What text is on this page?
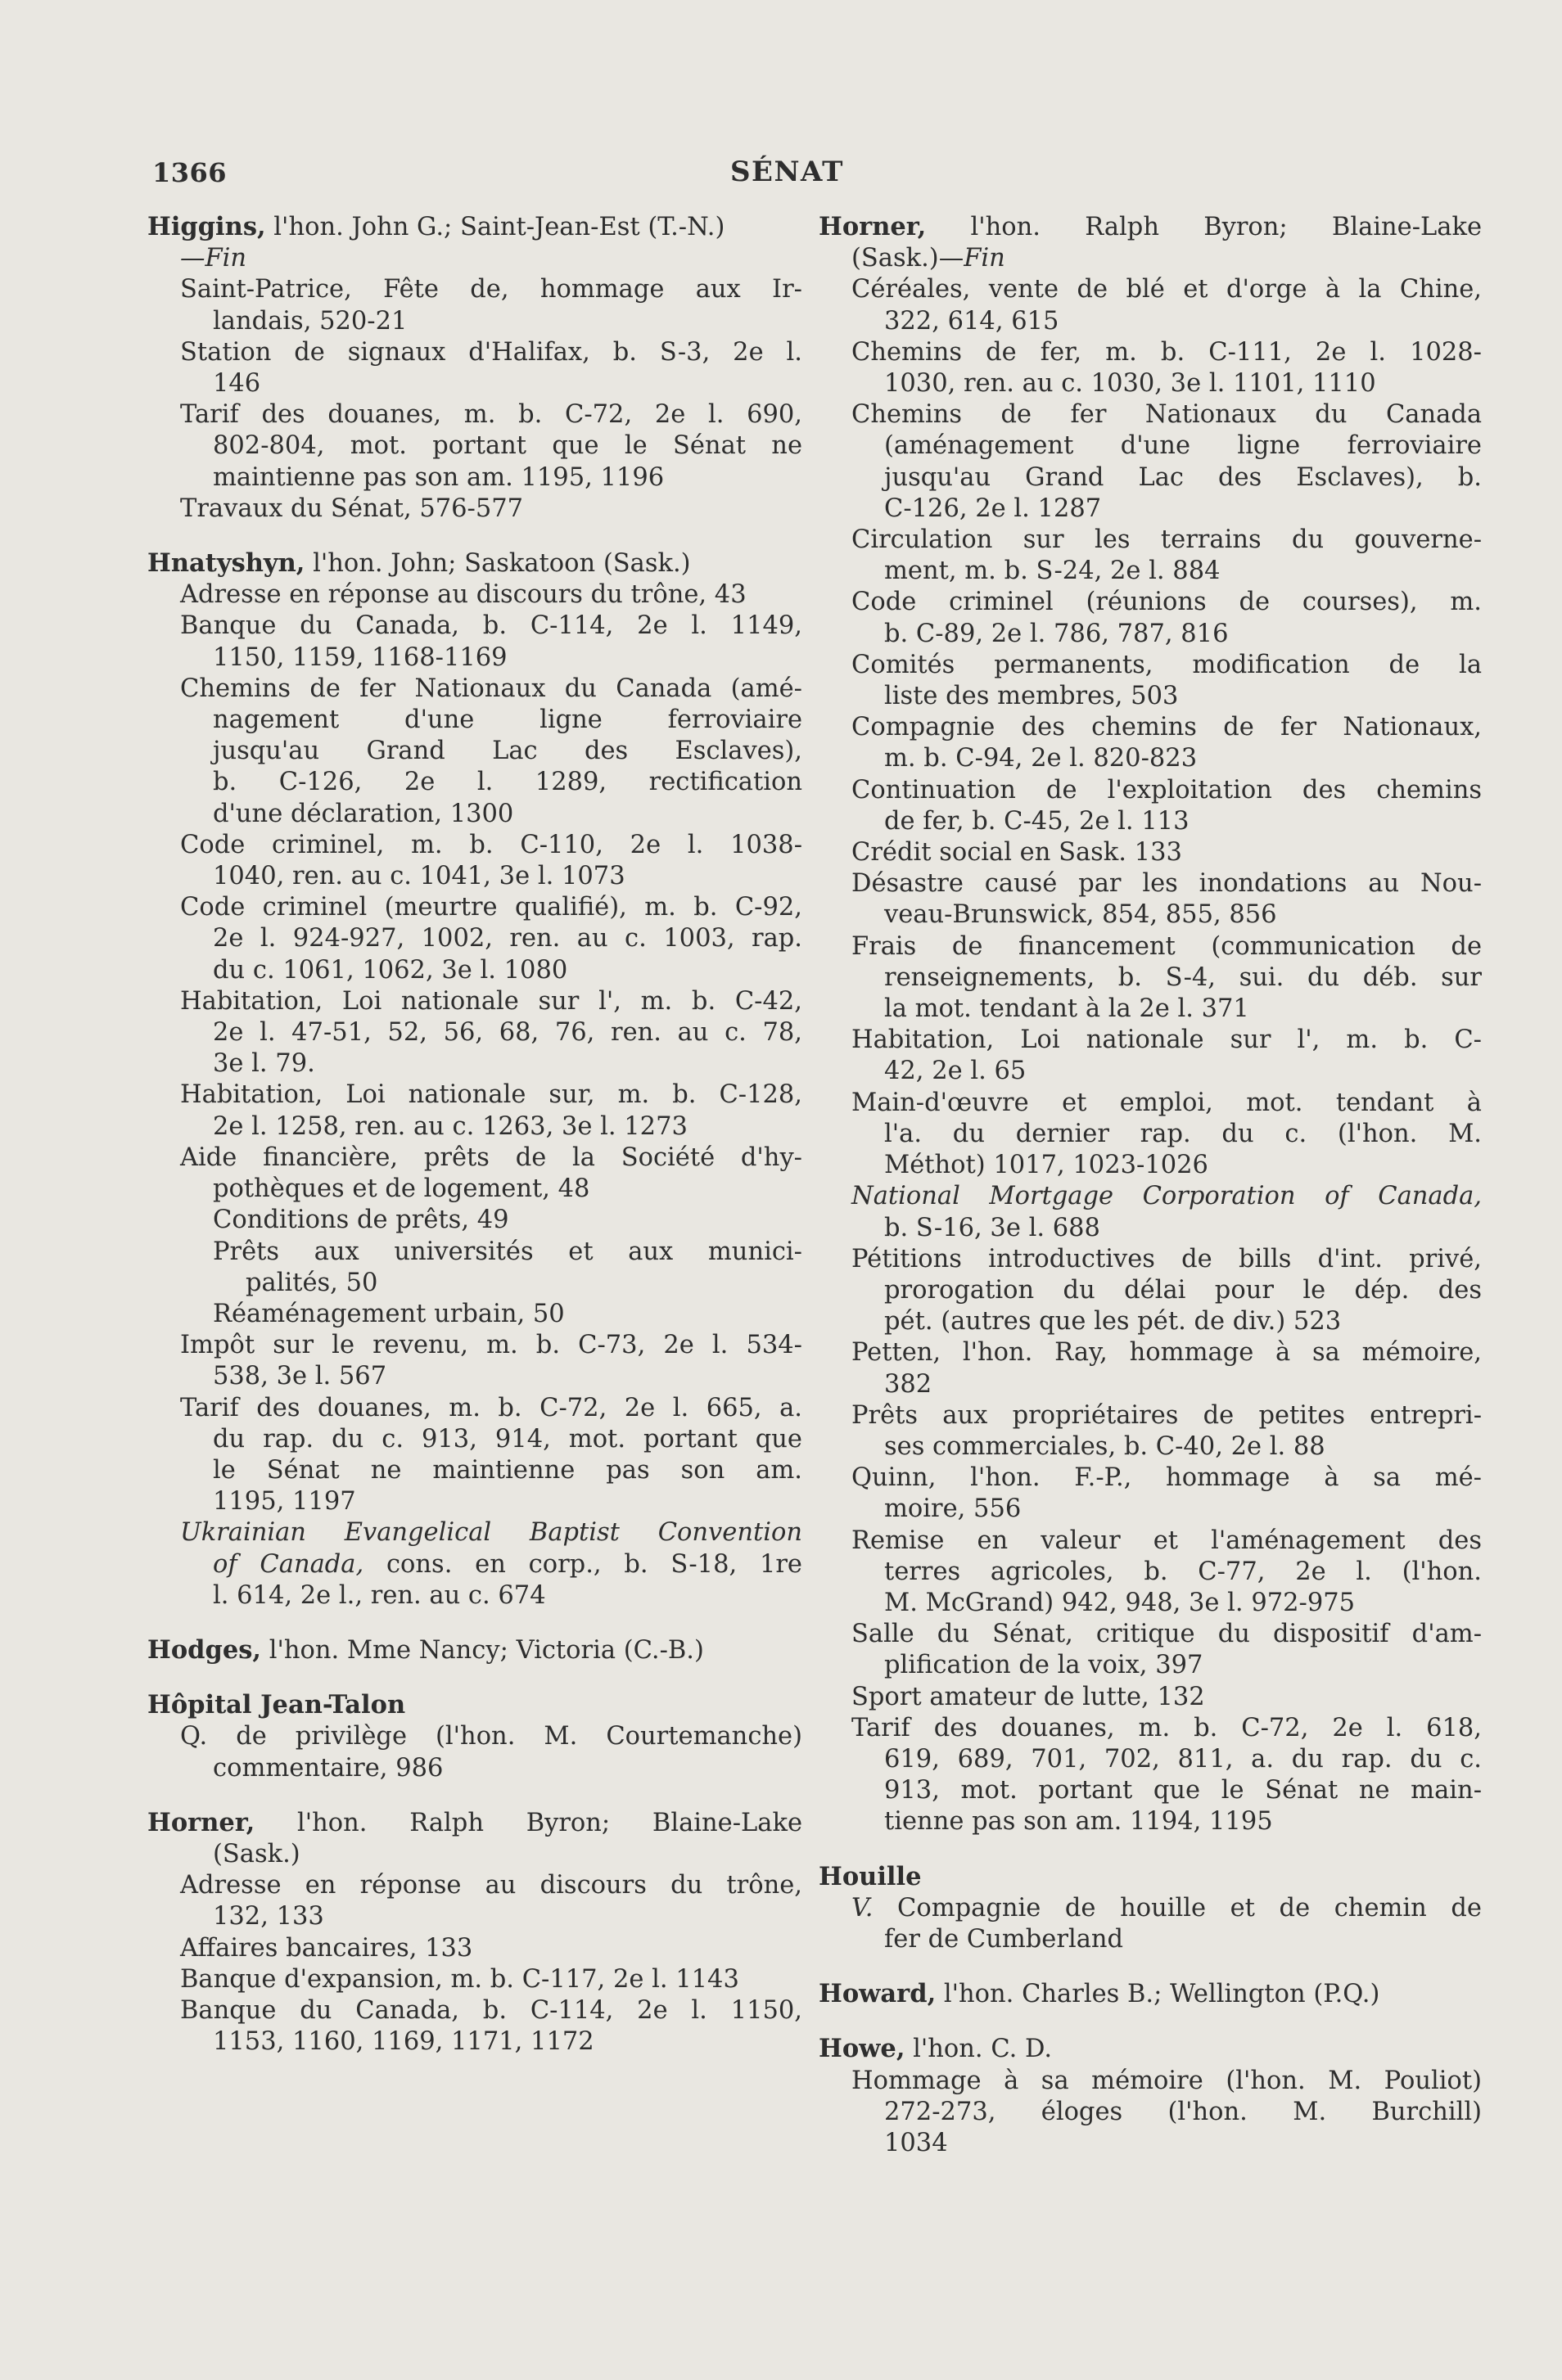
1366	SÉNAT

Higgins, l'hon. John G.; Saint-Jean-Est (T.-N.)

—Fin

Saint-Patrice, Fête de, hommage aux Ir-

landais, 520-21

Station de signaux d'Halifax, b. S-3, 2e l.

146

Tarif des douanes, m. b. C-72, 2e l. 690,

802-804, mot. portant que le Sénat ne

maintienne pas son am. 1195, 1196

Travaux du Sénat, 576-577

Hnatyshyn, l'hon. John; Saskatoon (Sask.)

Adresse en réponse au discours du trône, 43

Banque du Canada, b. C-114, 2e l. 1149,

1150, 1159, 1168-1169

Chemins de fer Nationaux du Canada (amé-

nagement d'une ligne ferroviaire

jusqu'au Grand Lac des Esclaves),

b. C-126, 2e l. 1289, rectification

d'une déclaration, 1300

Code criminel, m. b. C-110, 2e l. 1038-

1040, ren. au c. 1041, 3e l. 1073

Code criminel (meurtre qualifié), m. b. C-92,

2e l. 924-927, 1002, ren. au c. 1003, rap.

du c. 1061, 1062, 3e l. 1080

Habitation, Loi nationale sur l', m. b. C-42,

2e l. 47-51, 52, 56, 68, 76, ren. au c. 78,

3e l. 79.

Habitation, Loi nationale sur, m. b. C-128,

2e l. 1258, ren. au c. 1263, 3e l. 1273

Aide financière, prêts de la Société d'hy-

pothèques et de logement, 48

Conditions de prêts, 49

Prêts aux universités et aux munici-

palités, 50

Réaménagement urbain, 50

Impôt sur le revenu, m. b. C-73, 2e l. 534-

538, 3e l. 567

Tarif des douanes, m. b. C-72, 2e l. 665, a.

du rap. du c. 913, 914, mot. portant que

le Sénat ne maintienne pas son am.

1195, 1197

Ukrainian Evangelical Baptist Convention

of Canada, cons. en corp., b. S-18, 1re

l. 614, 2e l., ren. au c. 674

Hodges, l'hon. Mme Nancy; Victoria (C.-B.)

Hôpital Jean-Talon

Q. de privilège (l'hon. M. Courtemanche)

commentaire, 986

Horner, l'hon. Ralph Byron; Blaine-Lake

(Sask.)

Adresse en réponse au discours du trône,

132, 133

Affaires bancaires, 133

Banque d'expansion, m. b. C-117, 2e l. 1143

Banque du Canada, b. C-114, 2e l. 1150,

1153, 1160, 1169, 1171, 1172

Horner, l'hon. Ralph Byron; Blaine-Lake

(Sask.)—Fin

Céréales, vente de blé et d'orge à la Chine,

322, 614, 615

Chemins de fer, m. b. C-111, 2e l. 1028-

1030, ren. au c. 1030, 3e l. 1101, 1110

Chemins de fer Nationaux du Canada

(aménagement d'une ligne ferroviaire

jusqu'au Grand Lac des Esclaves), b.

C-126, 2e l. 1287

Circulation sur les terrains du gouverne-

ment, m. b. S-24, 2e l. 884

Code criminel (réunions de courses), m.

b. C-89, 2e l. 786, 787, 816

Comités permanents, modification de la

liste des membres, 503

Compagnie des chemins de fer Nationaux,

m. b. C-94, 2e l. 820-823

Continuation de l'exploitation des chemins

de fer, b. C-45, 2e l. 113

Crédit social en Sask. 133

Désastre causé par les inondations au Nou-

veau-Brunswick, 854, 855, 856

Frais de financement (communication de

renseignements, b. S-4, sui. du déb. sur

la mot. tendant à la 2e l. 371

Habitation, Loi nationale sur l', m. b. C-

42, 2e l. 65

Main-d'œuvre et emploi, mot. tendant à

l'a. du dernier rap. du c. (l'hon. M.

Méthot) 1017, 1023-1026

National Mortgage Corporation of Canada,

b. S-16, 3e l. 688

Pétitions introductives de bills d'int. privé,

prorogation du délai pour le dép. des

pét. (autres que les pét. de div.) 523

Petten, l'hon. Ray, hommage à sa mémoire,

382

Prêts aux propriétaires de petites entrepri-

ses commerciales, b. C-40, 2e l. 88

Quinn, l'hon. F.-P., hommage à sa mé-

moire, 556

Remise en valeur et l'aménagement des

terres agricoles, b. C-77, 2e l. (l'hon.

M. McGrand) 942, 948, 3e l. 972-975

Salle du Sénat, critique du dispositif d'am-

plification de la voix, 397

Sport amateur de lutte, 132

Tarif des douanes, m. b. C-72, 2e l. 618,

619, 689, 701, 702, 811, a. du rap. du c.

913, mot. portant que le Sénat ne main-

tienne pas son am. 1194, 1195

Houille

V. Compagnie de houille et de chemin de

fer de Cumberland

Howard, l'hon. Charles B.; Wellington (P.Q.)

Howe, l'hon. C. D.

Hommage à sa mémoire (l'hon. M. Pouliot)

272-273, éloges (l'hon. M. Burchill)

1034
